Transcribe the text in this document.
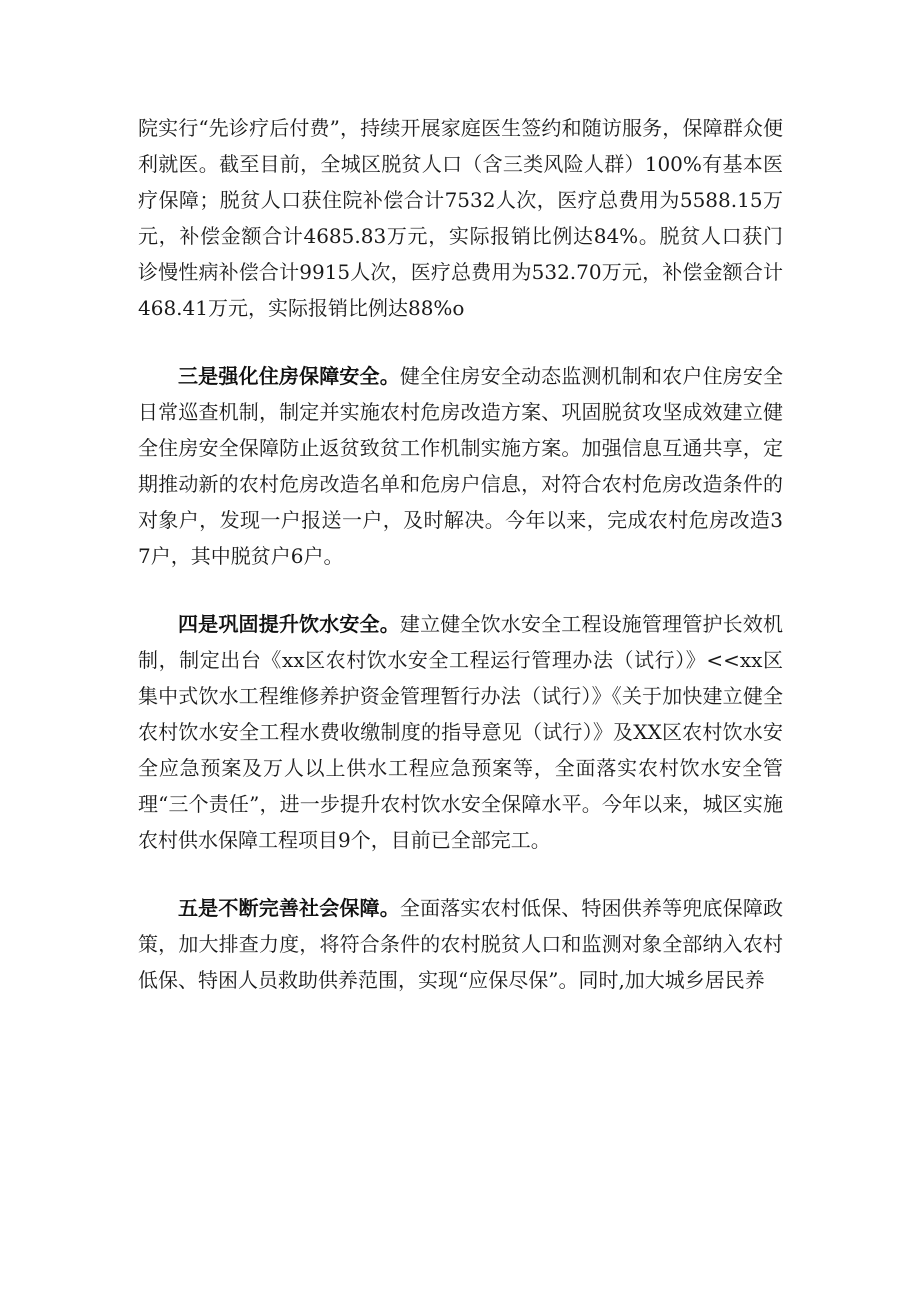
院实行“先诊疗后付费”，持续开展家庭医生签约和随访服务，保障群众便利就医。截至目前，全城区脱贫人口（含三类风险人群）100%有基本医疗保障；脱贫人口获住院补偿合计7532人次，医疗总费用为5588.15万元，补偿金额合计4685.83万元，实际报销比例达84%。脱贫人口获门诊慢性病补偿合计9915人次，医疗总费用为532.70万元，补偿金额合计468.41万元，实际报销比例达88%o

三是强化住房保障安全。健全住房安全动态监测机制和农户住房安全日常巡查机制，制定并实施农村危房改造方案、巩固脱贫攻坚成效建立健全住房安全保障防止返贫致贫工作机制实施方案。加强信息互通共享，定期推动新的农村危房改造名单和危房户信息，对符合农村危房改造条件的对象户，发现一户报送一户，及时解决。今年以来，完成农村危房改造37户，其中脱贫户6户。

四是巩固提升饮水安全。建立健全饮水安全工程设施管理管护长效机制，制定出台《xx区农村饮水安全工程运行管理办法（试行）》<<xx区集中式饮水工程维修养护资金管理暂行办法（试行）》《关于加快建立健全农村饮水安全工程水费收缴制度的指导意见（试行）》及XX区农村饮水安全应急预案及万人以上供水工程应急预案等，全面落实农村饮水安全管理“三个责任”，进一步提升农村饮水安全保障水平。今年以来，城区实施农村供水保障工程项目9个，目前已全部完工。

五是不断完善社会保障。全面落实农村低保、特困供养等兜底保障政策，加大排查力度，将符合条件的农村脱贫人口和监测对象全部纳入农村低保、特困人员救助供养范围，实现“应保尽保”。同时,加大城乡居民养
